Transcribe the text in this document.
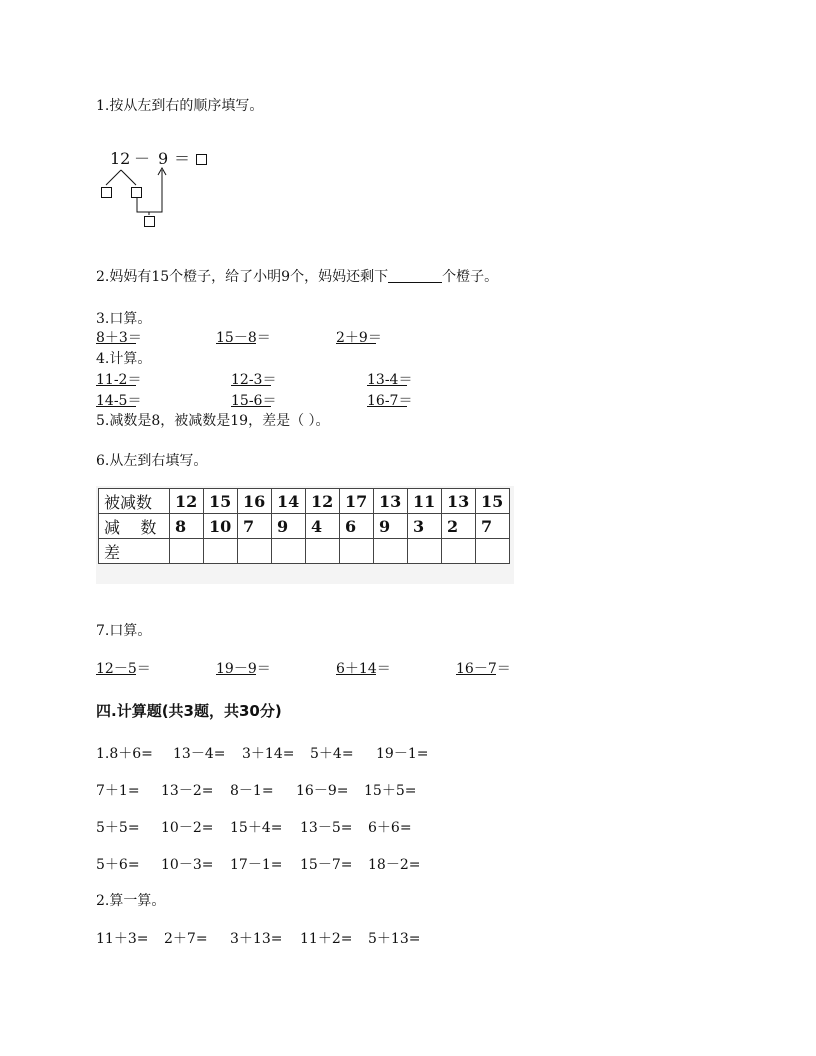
1.按从左到右的顺序填写。
12 － 9 ＝
2.妈妈有15个橙子，给了小明9个，妈妈还剩下	个橙子。
3.口算。
8＋3＝	15－8＝	2＋9＝
4.计算。
11-2＝	12-3＝	13-4＝
14-5＝	15-6＝	16-7＝
5.减数是8，被减数是19，差是（ ）。
6.从左到右填写。
被减数	12	15	16	14	12	17	13	11	13	15
减    数	8	10	7	9	4	6	9	3	2	7
差										
7.口算。
12－5＝	19－9＝	6＋14＝	16－7＝
四.计算题(共3题，共30分)
1.8＋6= 13－4= 3＋14= 5＋4= 19－1=
7＋1= 13－2= 8－1= 16－9= 15＋5=
5＋5= 10－2= 15＋4= 13－5= 6＋6=
5＋6= 10－3= 17－1= 15－7= 18－2=
2.算一算。
11＋3= 2＋7= 3＋13= 11＋2= 5＋13=
